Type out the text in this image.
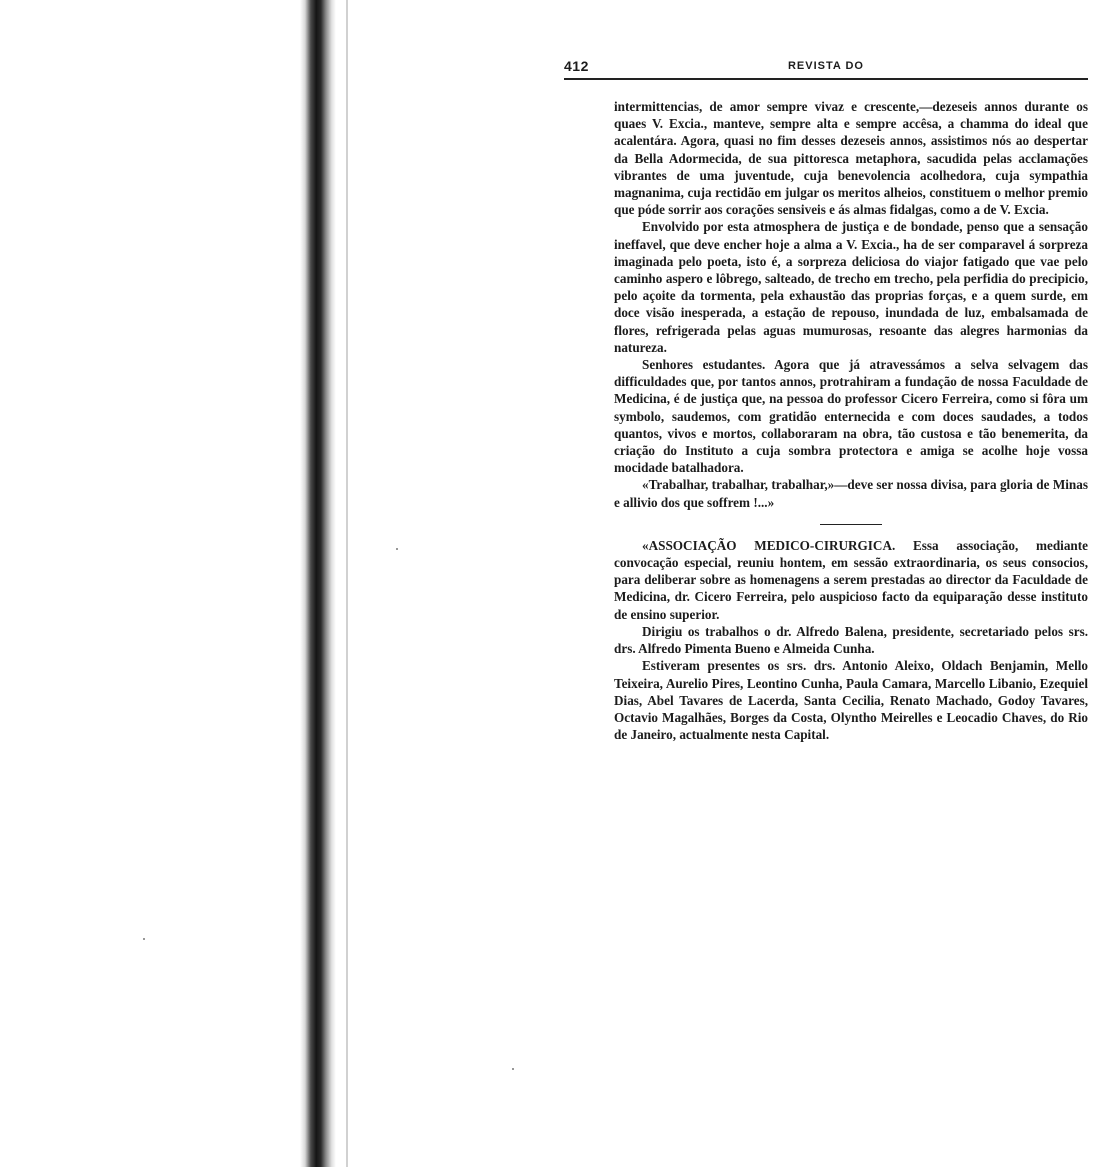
412	REVISTA DO

intermittencias, de amor sempre vivaz e crescente,—dezeseis annos durante os quaes V. Excia., manteve, sempre alta e sempre accêsa, a chamma do ideal que acalentára. Agora, quasi no fim desses dezeseis annos, assistimos nós ao despertar da Bella Adormecida, de sua pittoresca metaphora, sacudida pelas acclamações vibrantes de uma juventude, cuja benevolencia acolhedora, cuja sympathia magnanima, cuja rectidão em julgar os meritos alheios, constituem o melhor premio que póde sorrir aos corações sensiveis e ás almas fidalgas, como a de V. Excia.

Envolvido por esta atmosphera de justiça e de bondade, penso que a sensação ineffavel, que deve encher hoje a alma a V. Excia., ha de ser comparavel á sorpreza imaginada pelo poeta, isto é, a sorpreza deliciosa do viajor fatigado que vae pelo caminho aspero e lôbrego, salteado, de trecho em trecho, pela perfidia do precipicio, pelo açoite da tormenta, pela exhaustão das proprias forças, e a quem surde, em doce visão inesperada, a estação de repouso, inundada de luz, embalsamada de flores, refrigerada pelas aguas mumurosas, resoante das alegres harmonias da natureza.

Senhores estudantes. Agora que já atravessámos a selva selvagem das difficuldades que, por tantos annos, protrahiram a fundação de nossa Faculdade de Medicina, é de justiça que, na pessoa do professor Cicero Ferreira, como si fôra um symbolo, saudemos, com gratidão enternecida e com doces saudades, a todos quantos, vivos e mortos, collaboraram na obra, tão custosa e tão benemerita, da criação do Instituto a cuja sombra protectora e amiga se acolhe hoje vossa mocidade batalhadora.

«Trabalhar, trabalhar, trabalhar,»—deve ser nossa divisa, para gloria de Minas e allivio dos que soffrem !...»

«ASSOCIAÇÃO MEDICO-CIRURGICA. Essa associação, mediante convocação especial, reuniu hontem, em sessão extraordinaria, os seus consocios, para deliberar sobre as homenagens a serem prestadas ao director da Faculdade de Medicina, dr. Cicero Ferreira, pelo auspicioso facto da equiparação desse instituto de ensino superior.

Dirigiu os trabalhos o dr. Alfredo Balena, presidente, secretariado pelos srs. drs. Alfredo Pimenta Bueno e Almeida Cunha.

Estiveram presentes os srs. drs. Antonio Aleixo, Oldach Benjamin, Mello Teixeira, Aurelio Pires, Leontino Cunha, Paula Camara, Marcello Libanio, Ezequiel Dias, Abel Tavares de Lacerda, Santa Cecilia, Renato Machado, Godoy Tavares, Octavio Magalhães, Borges da Costa, Olyntho Meirelles e Leocadio Chaves, do Rio de Janeiro, actualmente nesta Capital.
